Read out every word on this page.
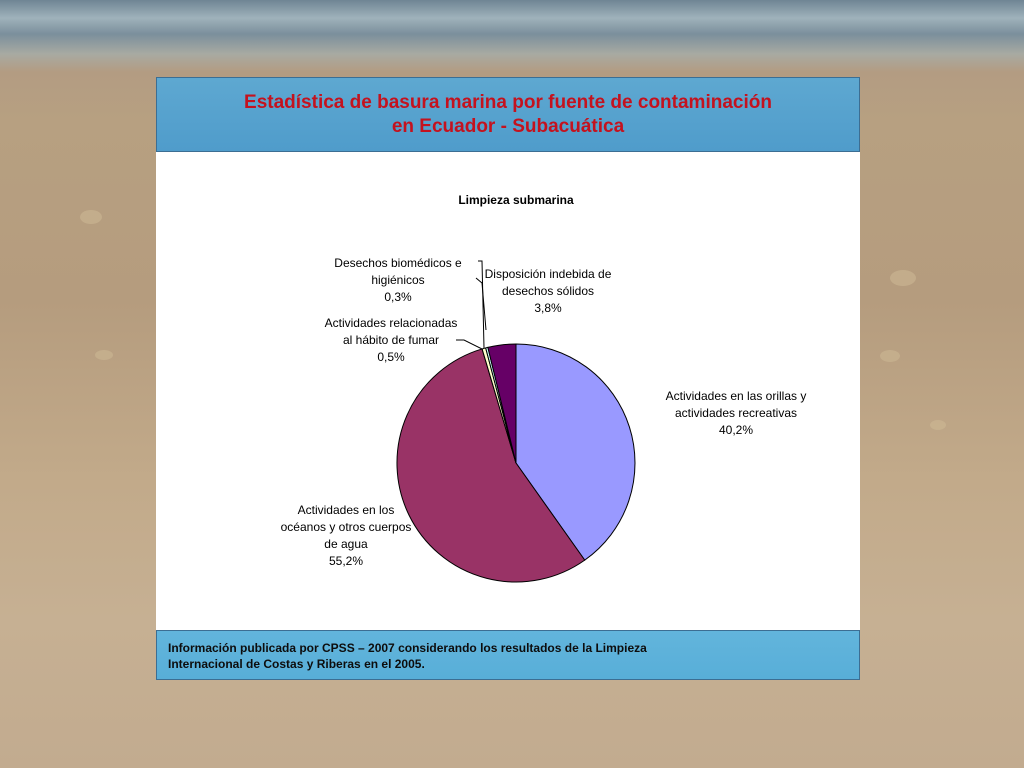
Estadística de basura marina por fuente de contaminación
en Ecuador - Subacuática
Limpieza submarina
Actividades en las orillas y actividades recreativas 40,2%
Actividades en los océanos y otros cuerpos de agua 55,2%
Actividades relacionadas al hábito de fumar 0,5%
Desechos biomédicos e higiénicos 0,3%
Disposición indebida de desechos sólidos 3,8%
Información publicada por CPSS – 2007 considerando los resultados de la Limpieza
Internacional de Costas y Riberas en el 2005.
